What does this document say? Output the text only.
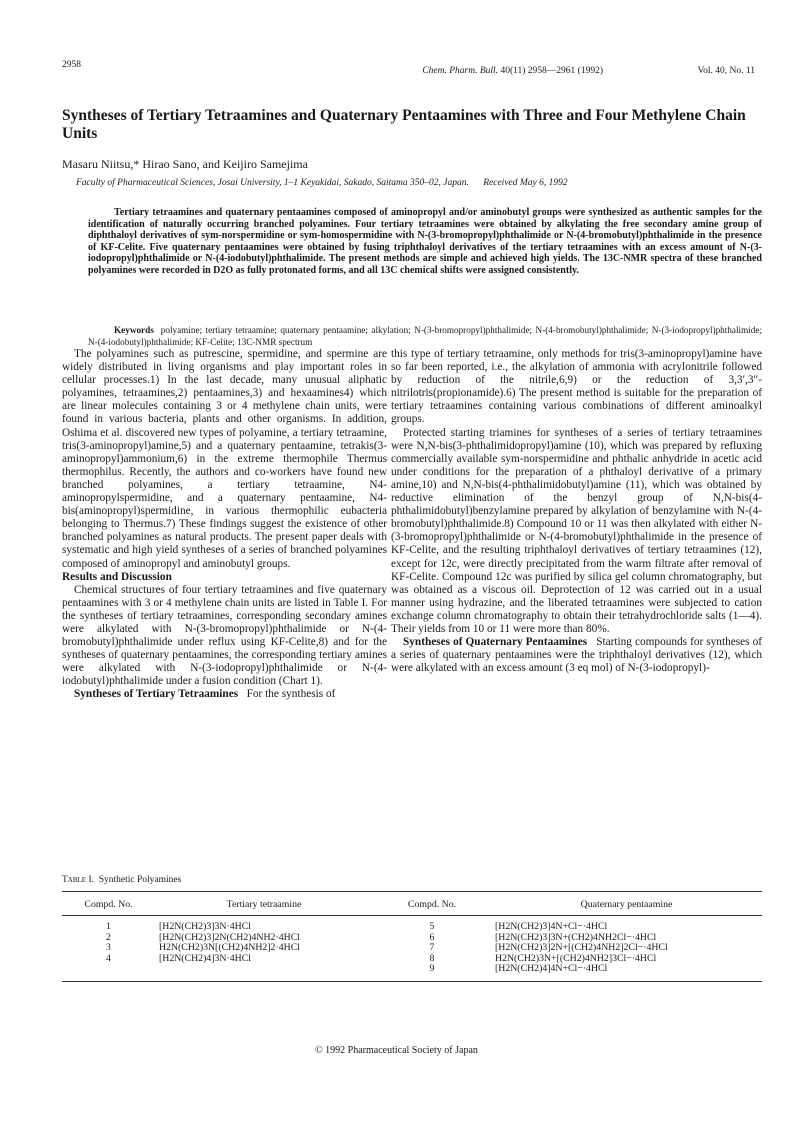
2958
Chem. Pharm. Bull. 40(11) 2958—2961 (1992)	Vol. 40, No. 11
Syntheses of Tertiary Tetraamines and Quaternary Pentaamines with Three and Four Methylene Chain Units
Masaru Niitsu,* Hirao Sano, and Keijiro Samejima
Faculty of Pharmaceutical Sciences, Josai University, 1–1 Keyakidai, Sakado, Saitama 350–02, Japan. Received May 6, 1992

Tertiary tetraamines and quaternary pentaamines composed of aminopropyl and/or aminobutyl groups were synthesized as authentic samples for the identification of naturally occurring branched polyamines. Four tertiary tetraamines were obtained by alkylating the free secondary amine group of diphthaloyl derivatives of sym-norspermidine or sym-homospermidine with N-(3-bromopropyl)phthalimide or N-(4-bromobutyl)phthalimide in the presence of KF-Celite. Five quaternary pentaamines were obtained by fusing triphthaloyl derivatives of the tertiary tetraamines with an excess amount of N-(3-iodopropyl)phthalimide or N-(4-iodobutyl)phthalimide. The present methods are simple and achieved high yields. The 13C-NMR spectra of these branched polyamines were recorded in D2O as fully protonated forms, and all 13C chemical shifts were assigned consistently.

Keywords polyamine; tertiary tetraamine; quaternary pentaamine; alkylation; N-(3-bromopropyl)phthalimide; N-(4-bromobutyl)phthalimide; N-(3-iodopropyl)phthalimide; N-(4-iodobutyl)phthalimide; KF-Celite; 13C-NMR spectrum

The polyamines such as putrescine, spermidine, and spermine are widely distributed in living organisms and play important roles in cellular processes.1) In the last decade, many unusual aliphatic polyamines, tetraamines,2) pentaamines,3) and hexaamines4) which are linear molecules containing 3 or 4 methylene chain units, were found in various bacteria, plants and other organisms. In addition, Oshima et al. discovered new types of polyamine, a tertiary tetraamine, tris(3-aminopropyl)amine,5) and a quaternary pentaamine, tetrakis(3-aminopropyl)ammonium,6) in the extreme thermophile Thermus thermophilus. Recently, the authors and co-workers have found new branched polyamines, a tertiary tetraamine, N4-aminopropylspermidine, and a quaternary pentaamine, N4-bis(aminopropyl)spermidine, in various thermophilic eubacteria belonging to Thermus.7) These findings suggest the existence of other branched polyamines as natural products. The present paper deals with systematic and high yield syntheses of a series of branched polyamines composed of aminopropyl and aminobutyl groups.

Results and Discussion

Chemical structures of four tertiary tetraamines and five quaternary pentaamines with 3 or 4 methylene chain units are listed in Table I. For the syntheses of tertiary tetraamines, corresponding secondary amines were alkylated with N-(3-bromopropyl)phthalimide or N-(4-bromobutyl)phthalimide under reflux using KF-Celite,8) and for the syntheses of quaternary pentaamines, the corresponding tertiary amines were alkylated with N-(3-iodopropyl)phthalimide or N-(4-iodobutyl)phthalimide under a fusion condition (Chart 1).

Syntheses of Tertiary Tetraamines For the synthesis of

this type of tertiary tetraamine, only methods for tris(3-aminopropyl)amine have so far been reported, i.e., the alkylation of ammonia with acrylonitrile followed by reduction of the nitrile,6,9) or the reduction of 3,3′,3″-nitrilotris(propionamide).6) The present method is suitable for the preparation of tertiary tetraamines containing various combinations of different aminoalkyl groups.

Protected starting triamines for syntheses of a series of tertiary tetraamines were N,N-bis(3-phthalimidopropyl)amine (10), which was prepared by refluxing commercially available sym-norspermidine and phthalic anhydride in acetic acid under conditions for the preparation of a phthaloyl derivative of a primary amine,10) and N,N-bis(4-phthalimidobutyl)amine (11), which was obtained by reductive elimination of the benzyl group of N,N-bis(4-phthalimidobutyl)benzylamine prepared by alkylation of benzylamine with N-(4-bromobutyl)phthalimide.8) Compound 10 or 11 was then alkylated with either N-(3-bromopropyl)phthalimide or N-(4-bromobutyl)phthalimide in the presence of KF-Celite, and the resulting triphthaloyl derivatives of tertiary tetraamines (12), except for 12c, were directly precipitated from the warm filtrate after removal of KF-Celite. Compound 12c was purified by silica gel column chromatography, but was obtained as a viscous oil. Deprotection of 12 was carried out in a usual manner using hydrazine, and the liberated tetraamines were subjected to cation exchange column chromatography to obtain their tetrahydrochloride salts (1—4). Their yields from 10 or 11 were more than 80%.

Syntheses of Quaternary Pentaamines Starting compounds for syntheses of a series of quaternary pentaamines were the triphthaloyl derivatives (12), which were alkylated with an excess amount (3 eq mol) of N-(3-iodopropyl)-

Table I. Synthetic Polyamines
Compd. No.	Tertiary tetraamine	Compd. No.	Quaternary pentaamine
1	[H2N(CH2)3]3N·4HCl	5	[H2N(CH2)3]4N+Cl−·4HCl
2	[H2N(CH2)3]2N(CH2)4NH2·4HCl	6	[H2N(CH2)3]3N+(CH2)4NH2Cl−·4HCl
3	H2N(CH2)3N[(CH2)4NH2]2·4HCl	7	[H2N(CH2)3]2N+[(CH2)4NH2]2Cl−·4HCl
4	[H2N(CH2)4]3N·4HCl	8	H2N(CH2)3N+[(CH2)4NH2]3Cl−·4HCl
		9	[H2N(CH2)4]4N+Cl−·4HCl
© 1992 Pharmaceutical Society of Japan
